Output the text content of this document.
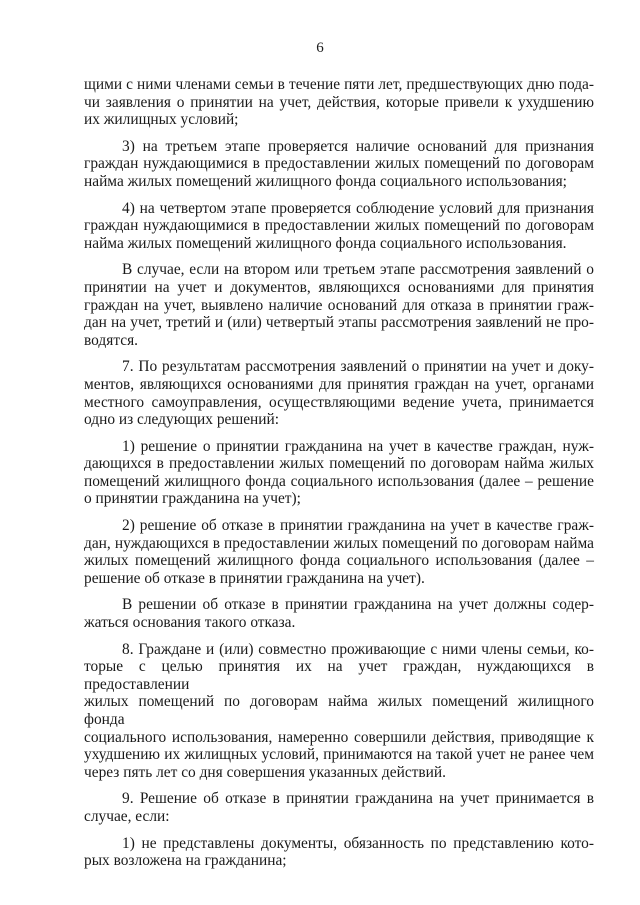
6
щими с ними членами семьи в течение пяти лет, предшествующих дню пода-
чи заявления о принятии на учет, действия, которые привели к ухудшению
их жилищных условий;
3) на третьем этапе проверяется наличие оснований для признания
граждан нуждающимися в предоставлении жилых помещений по договорам
найма жилых помещений жилищного фонда социального использования;
4) на четвертом этапе проверяется соблюдение условий для признания
граждан нуждающимися в предоставлении жилых помещений по договорам
найма жилых помещений жилищного фонда социального использования.
В случае, если на втором или третьем этапе рассмотрения заявлений о
принятии на учет и документов, являющихся основаниями для принятия
граждан на учет, выявлено наличие оснований для отказа в принятии граж-
дан на учет, третий и (или) четвертый этапы рассмотрения заявлений не про-
водятся.
7. По результатам рассмотрения заявлений о принятии на учет и доку-
ментов, являющихся основаниями для принятия граждан на учет, органами
местного самоуправления, осуществляющими ведение учета, принимается
одно из следующих решений:
1) решение о принятии гражданина на учет в качестве граждан, нуж-
дающихся в предоставлении жилых помещений по договорам найма жилых
помещений жилищного фонда социального использования (далее – решение
о принятии гражданина на учет);
2) решение об отказе в принятии гражданина на учет в качестве граж-
дан, нуждающихся в предоставлении жилых помещений по договорам найма
жилых помещений жилищного фонда социального использования (далее –
решение об отказе в принятии гражданина на учет).
В решении об отказе в принятии гражданина на учет должны содер-
жаться основания такого отказа.
8. Граждане и (или) совместно проживающие с ними члены семьи, ко-
торые с целью принятия их на учет граждан, нуждающихся в предоставлении
жилых помещений по договорам найма жилых помещений жилищного фонда
социального использования, намеренно совершили действия, приводящие к
ухудшению их жилищных условий, принимаются на такой учет не ранее чем
через пять лет со дня совершения указанных действий.
9. Решение об отказе в принятии гражданина на учет принимается в
случае, если:
1) не представлены документы, обязанность по представлению кото-
рых возложена на гражданина;
